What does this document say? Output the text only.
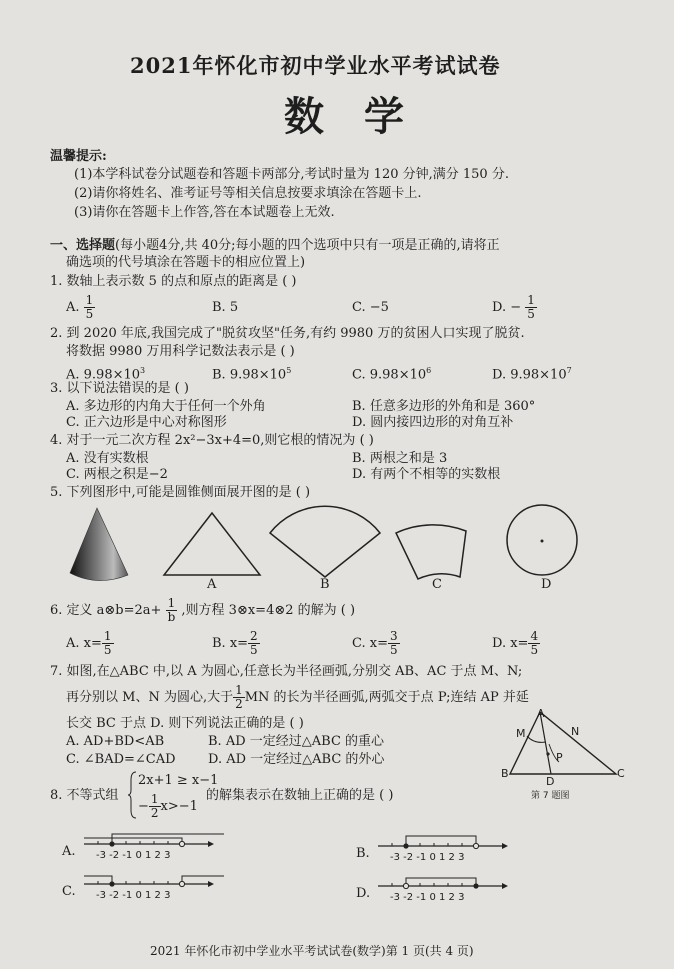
2021年怀化市初中学业水平考试试卷
数学
温馨提示:
(1)本学科试卷分试题卷和答题卡两部分,考试时量为 120 分钟,满分 150 分.
(2)请你将姓名、准考证号等相关信息按要求填涂在答题卡上.
(3)请你在答题卡上作答,答在本试题卷上无效.
一、选择题(每小题4分,共 40分;每小题的四个选项中只有一项是正确的,请将正
确选项的代号填涂在答题卡的相应位置上)
1. 数轴上表示数 5 的点和原点的距离是 ( )
A. $\frac{1}{5}$	B. 5	C. −5	D. − $\frac{1}{5}$
2. 到 2020 年底,我国完成了"脱贫攻坚"任务,有约 9980 万的贫困人口实现了脱贫.
将数据 9980 万用科学记数法表示是 ( )
A. $9.98\times 10^3$	B. $9.98\times 10^5$	C. $9.98\times 10^6$	D. $9.98\times 10^7$
3. 以下说法错误的是 ( )
A. 多边形的内角大于任何一个外角	B. 任意多边形的外角和是 360°
C. 正六边形是中心对称图形	D. 圆内接四边形的对角互补
4. 对于一元二次方程 2x²−3x+4=0,则它根的情况为 ( )
A. 没有实数根	B. 两根之和是 3
C. 两根之积是−2	D. 有两个不相等的实数根
5. 下列图形中,可能是圆锥侧面展开图的是 ( )
A	B	C	D
6. 定义 a⊗b=2a+ $\frac{1}{b}$ ,则方程 3⊗x=4⊗2 的解为 ( )
A. $x= \frac{1}{5}$	B. $x= \frac{2}{5}$	C. $x= \frac{3}{5}$	D. $x= \frac{4}{5}$
7. 如图,在△ABC 中,以 A 为圆心,任意长为半径画弧,分别交 AB、AC 于点 M、N;
再分别以 M、N 为圆心,大于 $\frac{1}{2}$ MN 的长为半径画弧,两弧交于点 P;连结 AP 并延
长交 BC 于点 D. 则下列说法正确的是 ( )
A. AD+BD<AB	B. AD 一定经过△ABC 的重心
C. ∠BAD=∠CAD D. AD 一定经过△ABC 的外心
A
M	N
P
B
D
C
第 7 题图
8. 不等式组
2x+1 ≥ x−1
− $\frac{1}{2} x>-1$
的解集表示在数轴上正确的是 ( )
A. -3 -2 -1 0 1 2 3	B. -3 -2 -1 0 1 2 3
C. -3 -2 -1 0 1 2 3	D. -3 -2 -1 0 1 2 3
2021 年怀化市初中学业水平考试试卷(数学)第 1 页(共 4 页)
